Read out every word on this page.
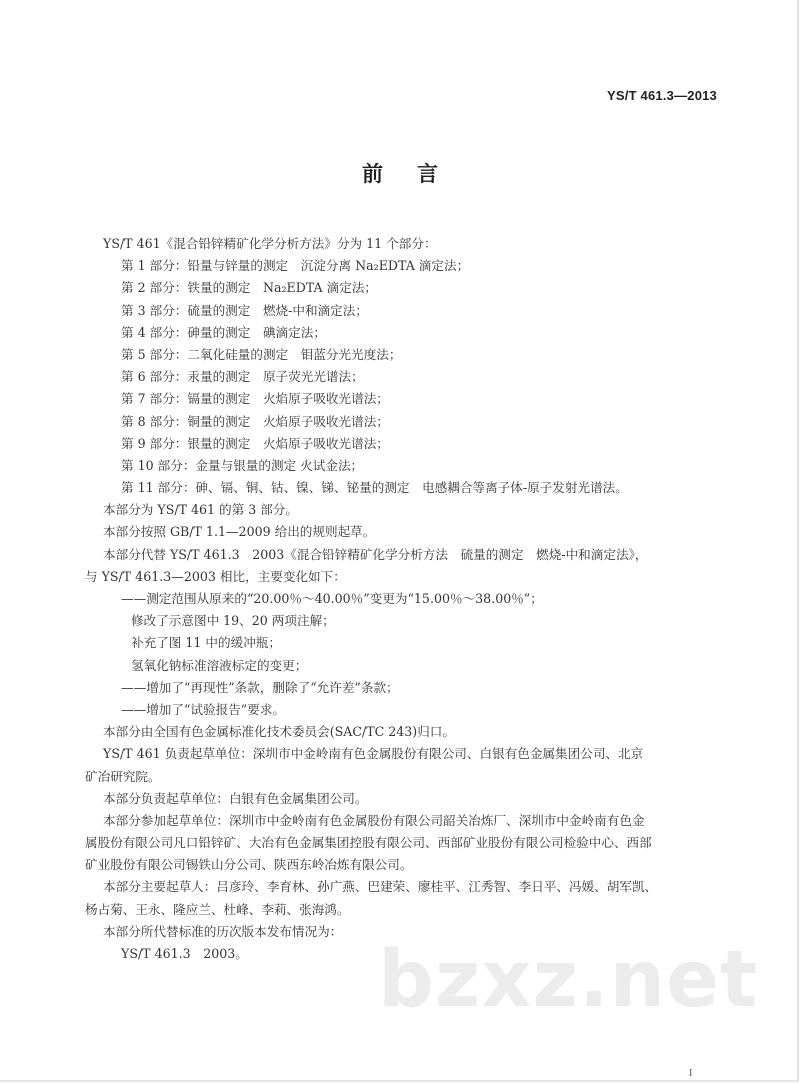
YS/T 461.3—2013
前言
YS/T 461《混合铅锌精矿化学分析方法》分为 11 个部分：
第 1 部分：铅量与锌量的测定　沉淀分离 Na₂EDTA 滴定法；
第 2 部分：铁量的测定　Na₂EDTA 滴定法；
第 3 部分：硫量的测定　燃烧-中和滴定法；
第 4 部分：砷量的测定　碘滴定法；
第 5 部分：二氧化硅量的测定　钼蓝分光光度法；
第 6 部分：汞量的测定　原子荧光光谱法；
第 7 部分：镉量的测定　火焰原子吸收光谱法；
第 8 部分：铜量的测定　火焰原子吸收光谱法；
第 9 部分：银量的测定　火焰原子吸收光谱法；
第 10 部分：金量与银量的测定 火试金法；
第 11 部分：砷、镉、铜、钴、镍、锑、铋量的测定　电感耦合等离子体-原子发射光谱法。
本部分为 YS/T 461 的第 3 部分。
本部分按照 GB/T 1.1—2009 给出的规则起草。
本部分代替 YS/T 461.3　2003《混合铅锌精矿化学分析方法　硫量的测定　燃烧-中和滴定法》，
与 YS/T 461.3—2003 相比，主要变化如下：
——测定范围从原来的“20.00％～40.00％”变更为“15.00％～38.00％”；
修改了示意图中 19、20 两项注解；
补充了图 11 中的缓冲瓶；
氢氧化钠标准溶液标定的变更；
——增加了“再现性”条款，删除了“允许差”条款；
——增加了“试验报告”要求。
本部分由全国有色金属标准化技术委员会(SAC/TC 243)归口。
YS/T 461 负责起草单位：深圳市中金岭南有色金属股份有限公司、白银有色金属集团公司、北京
矿冶研究院。
本部分负责起草单位：白银有色金属集团公司。
本部分参加起草单位：深圳市中金岭南有色金属股份有限公司韶关冶炼厂、深圳市中金岭南有色金
属股份有限公司凡口铅锌矿、大冶有色金属集团控股有限公司、西部矿业股份有限公司检验中心、西部
矿业股份有限公司锡铁山分公司、陕西东岭冶炼有限公司。
本部分主要起草人：吕彦玲、李育林、孙广燕、巴建荣、廖桂平、江秀智、李日平、冯媛、胡军凯、
杨占菊、王永、隆应兰、杜峰、李莉、张海鸿。
本部分所代替标准的历次版本发布情况为：
YS/T 461.3　2003。	bzxz.net
I
